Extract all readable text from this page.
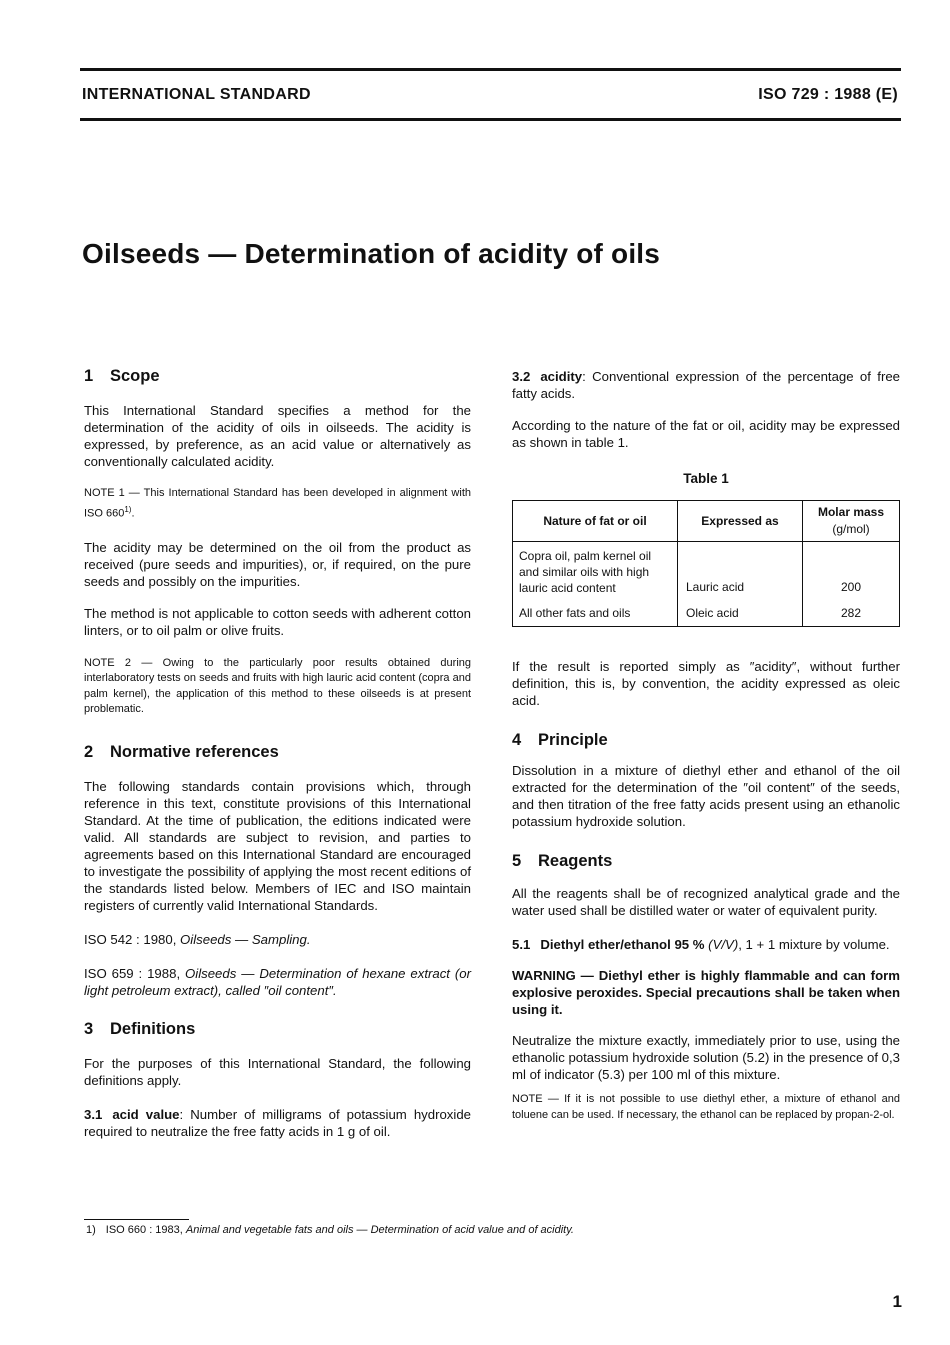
INTERNATIONAL STANDARD	ISO 729 : 1988 (E)
Oilseeds — Determination of acidity of oils
1 Scope

This International Standard specifies a method for the determination of the acidity of oils in oilseeds. The acidity is expressed, by preference, as an acid value or alternatively as conventionally calculated acidity.

NOTE 1 — This International Standard has been developed in alignment with ISO 660$^{1)}$.

The acidity may be determined on the oil from the product as received (pure seeds and impurities), or, if required, on the pure seeds and possibly on the impurities.

The method is not applicable to cotton seeds with adherent cotton linters, or to oil palm or olive fruits.

NOTE 2 — Owing to the particularly poor results obtained during interlaboratory tests on seeds and fruits with high lauric acid content (copra and palm kernel), the application of this method to these oilseeds is at present problematic.

2 Normative references

The following standards contain provisions which, through reference in this text, constitute provisions of this International Standard. At the time of publication, the editions indicated were valid. All standards are subject to revision, and parties to agreements based on this International Standard are encouraged to investigate the possibility of applying the most recent editions of the standards listed below. Members of IEC and ISO maintain registers of currently valid International Standards.

ISO 542 : 1980, Oilseeds — Sampling.

ISO 659 : 1988, Oilseeds — Determination of hexane extract (or light petroleum extract), called ″oil content″.

3 Definitions

For the purposes of this International Standard, the following definitions apply.

3.1 acid value: Number of milligrams of potassium hydroxide required to neutralize the free fatty acids in 1 g of oil.

3.2 acidity: Conventional expression of the percentage of free fatty acids.

According to the nature of the fat or oil, acidity may be expressed as shown in table 1.

Table 1
Nature of fat or oil	Expressed as	Molar mass
(g/mol)
Copra oil, palm kernel oil and similar oils with high lauric acid content	Lauric acid	200
All other fats and oils	Oleic acid	282

If the result is reported simply as ″acidity″, without further definition, this is, by convention, the acidity expressed as oleic acid.

4 Principle

Dissolution in a mixture of diethyl ether and ethanol of the oil extracted for the determination of the ″oil content″ of the seeds, and then titration of the free fatty acids present using an ethanolic potassium hydroxide solution.

5 Reagents

All the reagents shall be of recognized analytical grade and the water used shall be distilled water or water of equivalent purity.

5.1 Diethyl ether/ethanol 95 % (V/V), 1 + 1 mixture by volume.

WARNING — Diethyl ether is highly flammable and can form explosive peroxides. Special precautions shall be taken when using it.

Neutralize the mixture exactly, immediately prior to use, using the ethanolic potassium hydroxide solution (5.2) in the presence of 0,3 ml of indicator (5.3) per 100 ml of this mixture.

NOTE — If it is not possible to use diethyl ether, a mixture of ethanol and toluene can be used. If necessary, the ethanol can be replaced by propan-2-ol.

1) ISO 660 : 1983, Animal and vegetable fats and oils — Determination of acid value and of acidity.
1
